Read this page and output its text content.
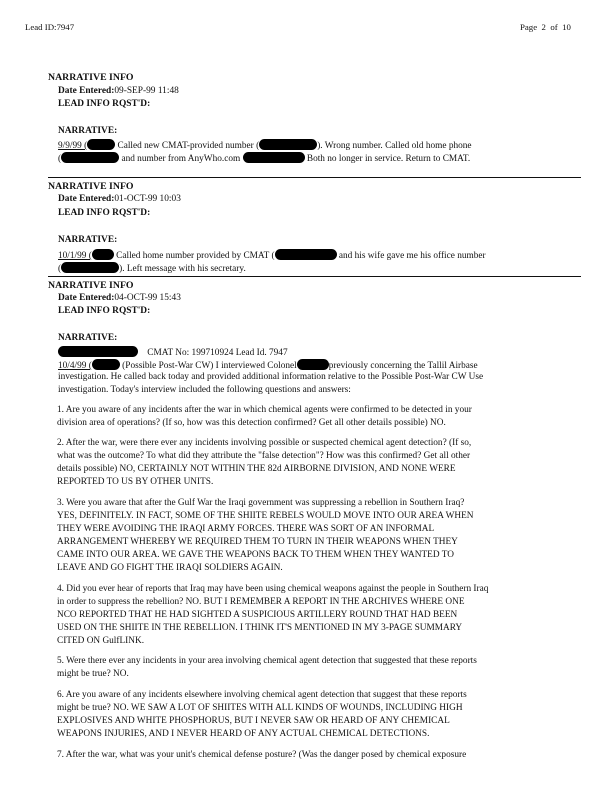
Lead ID:7947	Page 2 of 10
NARRATIVE INFO
Date Entered:09-SEP-99 11:48
LEAD INFO RQST'D:
NARRATIVE:
9/9/99 (	Called new CMAT-provided number (	). Wrong number. Called old home phone
(	and number from AnyWho.com	Both no longer in service. Return to CMAT.
NARRATIVE INFO
Date Entered:01-OCT-99 10:03
LEAD INFO RQST'D:
NARRATIVE:
10/1/99 (	Called home number provided by CMAT (	and his wife gave me his office number
(	). Left message with his secretary.
NARRATIVE INFO
Date Entered:04-OCT-99 15:43
LEAD INFO RQST'D:
NARRATIVE:
CMAT No: 199710924 Lead Id. 7947
10/4/99 (	(Possible Post-War CW) I interviewed Colonel	previously concerning the Tallil Airbase
investigation. He called back today and provided additional information relative to the Possible Post-War CW Use
investigation. Today's interview included the following questions and answers:
1. Are you aware of any incidents after the war in which chemical agents were confirmed to be detected in your
division area of operations? (If so, how was this detection confirmed? Get all other details possible) NO.
2. After the war, were there ever any incidents involving possible or suspected chemical agent detection? (If so,
what was the outcome? To what did they attribute the "false detection"? How was this confirmed? Get all other
details possible) NO, CERTAINLY NOT WITHIN THE 82d AIRBORNE DIVISION, AND NONE WERE
REPORTED TO US BY OTHER UNITS.
3. Were you aware that after the Gulf War the Iraqi government was suppressing a rebellion in Southern Iraq?
YES, DEFINITELY. IN FACT, SOME OF THE SHIITE REBELS WOULD MOVE INTO OUR AREA WHEN
THEY WERE AVOIDING THE IRAQI ARMY FORCES. THERE WAS SORT OF AN INFORMAL
ARRANGEMENT WHEREBY WE REQUIRED THEM TO TURN IN THEIR WEAPONS WHEN THEY
CAME INTO OUR AREA. WE GAVE THE WEAPONS BACK TO THEM WHEN THEY WANTED TO
LEAVE AND GO FIGHT THE IRAQI SOLDIERS AGAIN.
4. Did you ever hear of reports that Iraq may have been using chemical weapons against the people in Southern Iraq
in order to suppress the rebellion? NO. BUT I REMEMBER A REPORT IN THE ARCHIVES WHERE ONE
NCO REPORTED THAT HE HAD SIGHTED A SUSPICIOUS ARTILLERY ROUND THAT HAD BEEN
USED ON THE SHIITE IN THE REBELLION. I THINK IT'S MENTIONED IN MY 3-PAGE SUMMARY
CITED ON GulfLINK.
5. Were there ever any incidents in your area involving chemical agent detection that suggested that these reports
might be true? NO.
6. Are you aware of any incidents elsewhere involving chemical agent detection that suggest that these reports
might be true? NO. WE SAW A LOT OF SHIITES WITH ALL KINDS OF WOUNDS, INCLUDING HIGH
EXPLOSIVES AND WHITE PHOSPHORUS, BUT I NEVER SAW OR HEARD OF ANY CHEMICAL
WEAPONS INJURIES, AND I NEVER HEARD OF ANY ACTUAL CHEMICAL DETECTIONS.
7. After the war, what was your unit's chemical defense posture? (Was the danger posed by chemical exposure
